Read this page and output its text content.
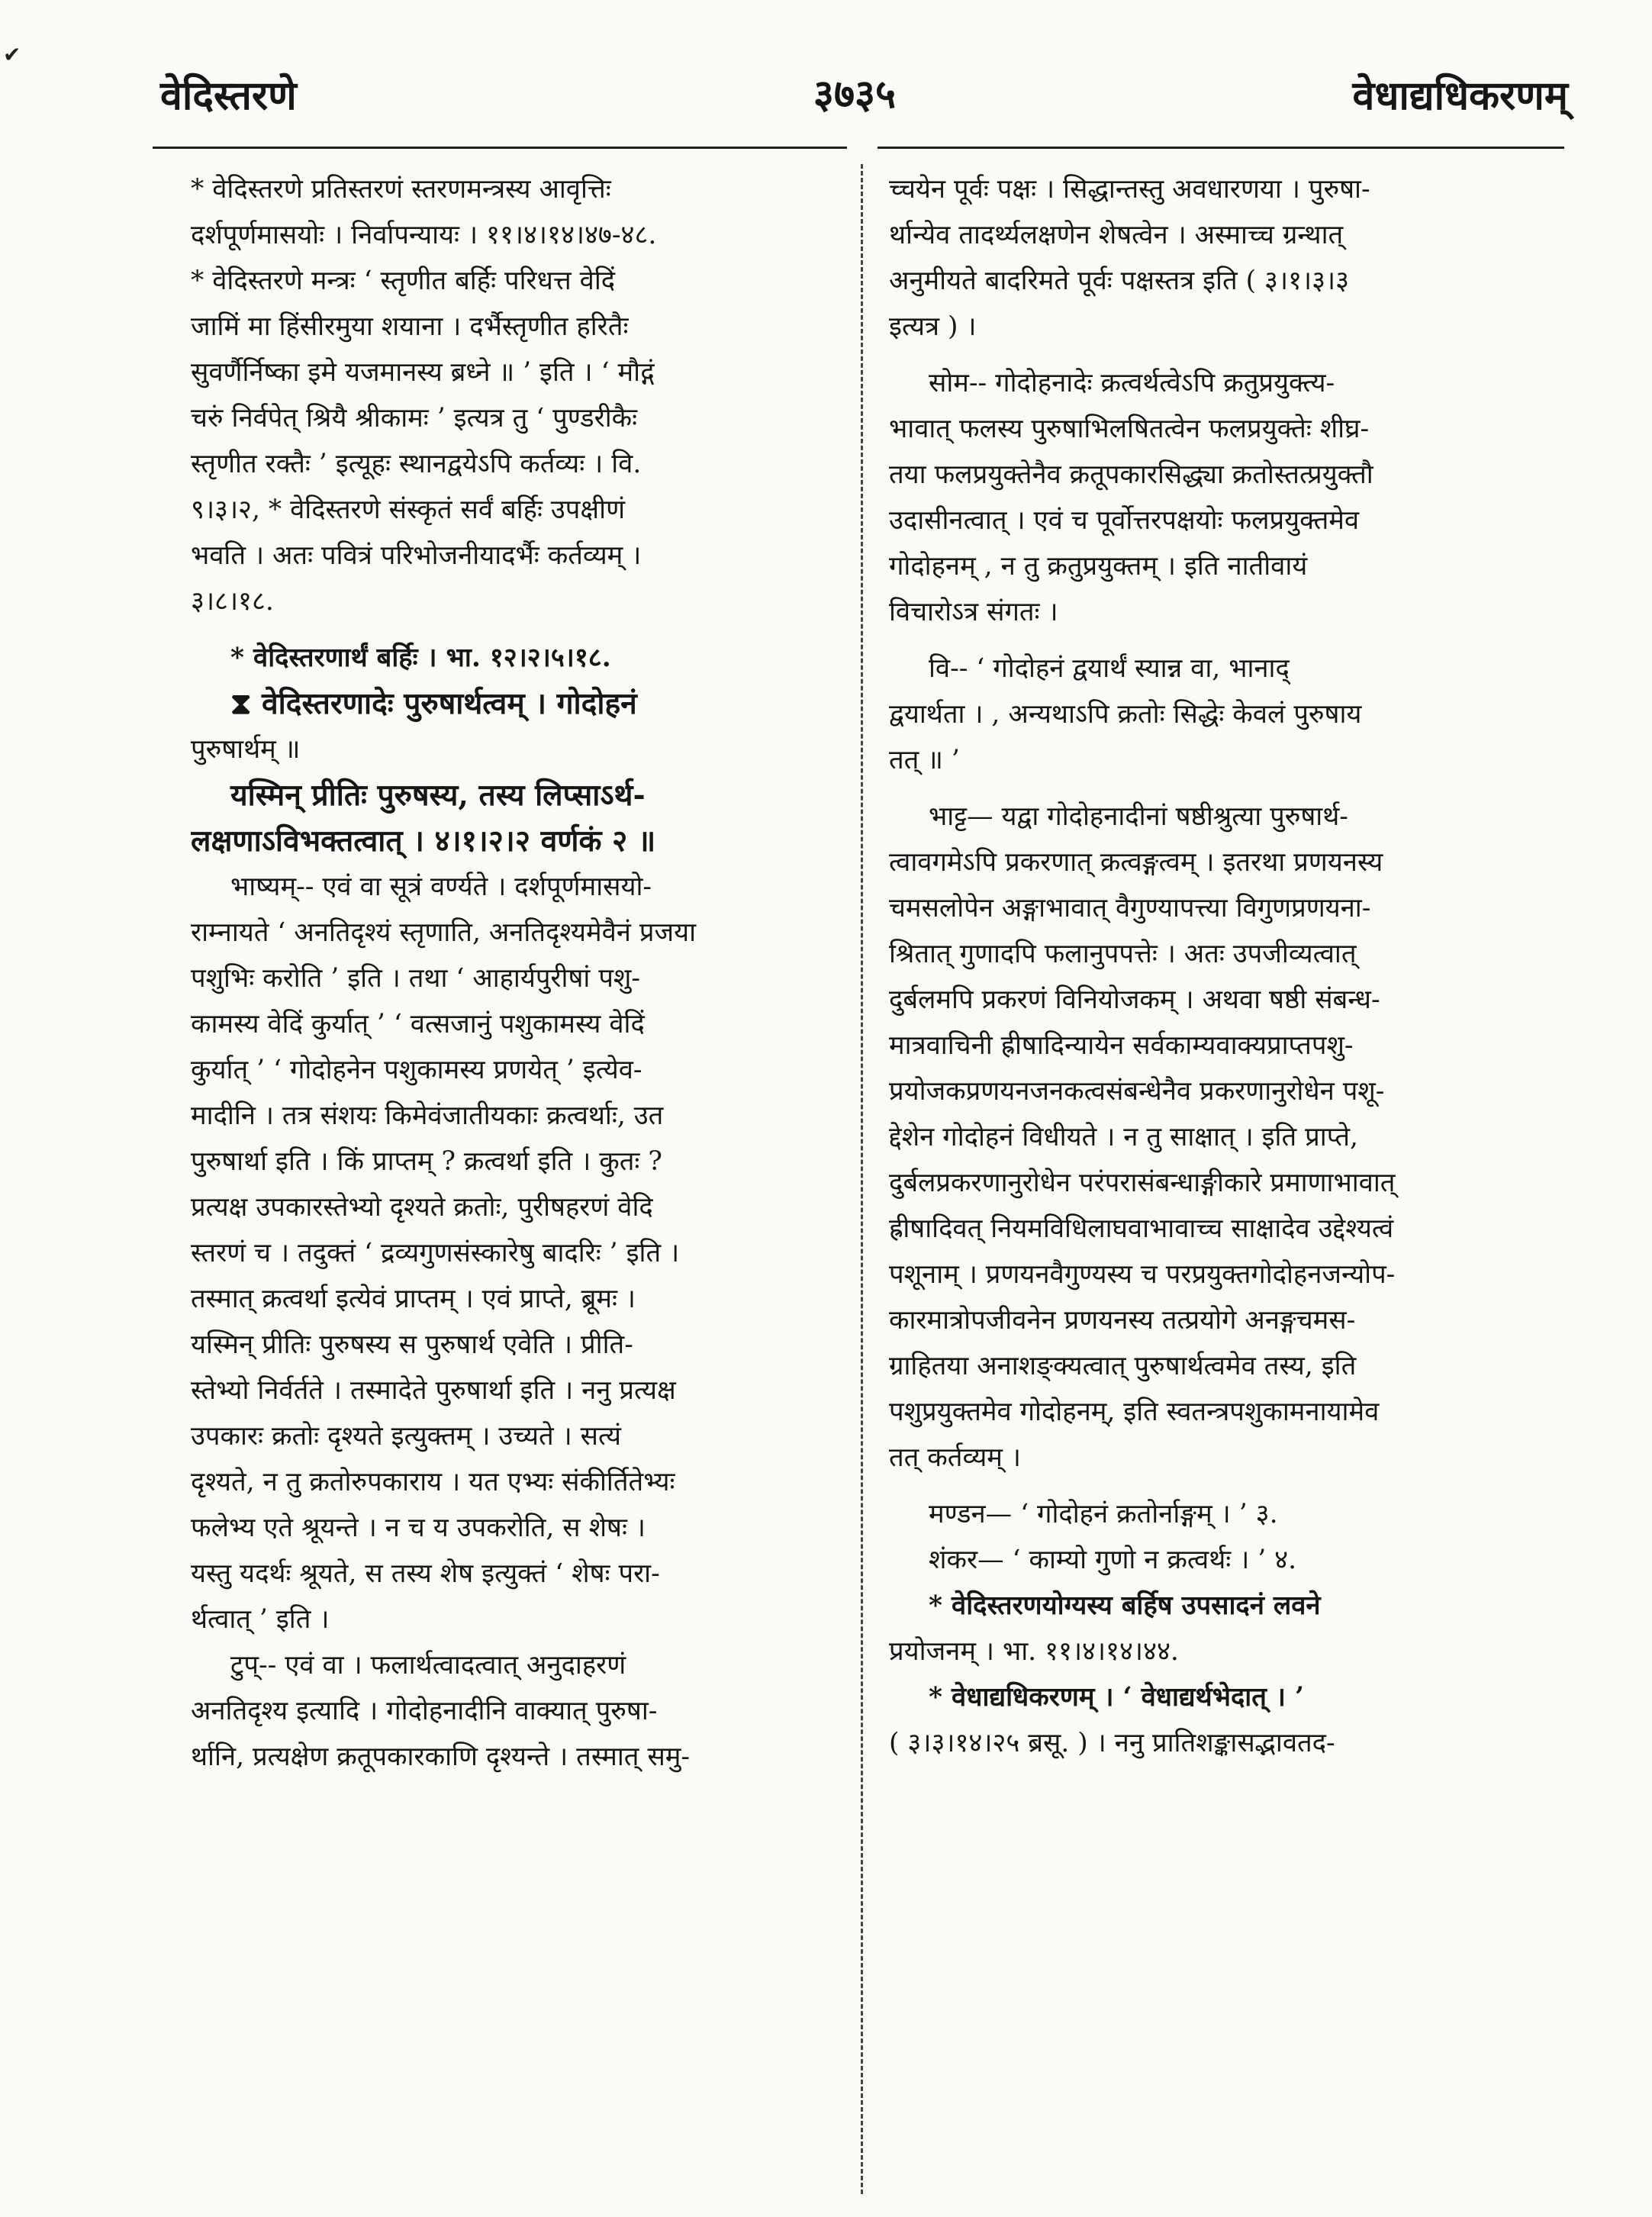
वेदिस्तरणे	३७३५	वेधाद्यधिकरणम्
✔
* वेदिस्तरणे प्रतिस्तरणं स्तरणमन्त्रस्य आवृत्तिः
दर्शपूर्णमासयोः । निर्वापन्यायः । ११।४।१४।४७-४८.
* वेदिस्तरणे मन्त्रः ‘ स्तृणीत बर्हिः परिधत्त वेदिं
जामिं मा हिंसीरमुया शयाना । दर्भैस्तृणीत हरितैः
सुवर्णैर्निष्का इमे यजमानस्य ब्रध्ने ॥ ’ इति । ‘ मौद्गं
चरुं निर्वपेत् श्रियै श्रीकामः ’ इत्यत्र तु ‘ पुण्डरीकैः
स्तृणीत रक्तैः ’ इत्यूहः स्थानद्वयेऽपि कर्तव्यः । वि.
९।३।२, * वेदिस्तरणे संस्कृतं सर्वं बर्हिः उपक्षीणं
भवति । अतः पवित्रं परिभोजनीयादर्भैः कर्तव्यम् ।
३।८।१८.
* वेदिस्तरणार्थं बर्हिः । भा. १२।२।५।१८.
⧗ वेदिस्तरणादेः पुरुषार्थत्वम् । गोदोहनं
पुरुषार्थम् ॥
यस्मिन् प्रीतिः पुरुषस्य, तस्य लिप्साऽर्थ-
लक्षणाऽविभक्तत्वात् । ४।१।२।२ वर्णकं २ ॥
भाष्यम्-- एवं वा सूत्रं वर्ण्यते । दर्शपूर्णमासयो-
राम्नायते ‘ अनतिदृश्यं स्तृणाति, अनतिदृश्यमेवैनं प्रजया
पशुभिः करोति ’ इति । तथा ‘ आहार्यपुरीषां पशु-
कामस्य वेदिं कुर्यात् ’ ‘ वत्सजानुं पशुकामस्य वेदिं
कुर्यात् ’ ‘ गोदोहनेन पशुकामस्य प्रणयेत् ’ इत्येव-
मादीनि । तत्र संशयः किमेवंजातीयकाः क्रत्वर्थाः, उत
पुरुषार्था इति । किं प्राप्तम् ? क्रत्वर्था इति । कुतः ?
प्रत्यक्ष उपकारस्तेभ्यो दृश्यते क्रतोः, पुरीषहरणं वेदि
स्तरणं च । तदुक्तं ‘ द्रव्यगुणसंस्कारेषु बादरिः ’ इति ।
तस्मात् क्रत्वर्था इत्येवं प्राप्तम् । एवं प्राप्ते, ब्रूमः ।
यस्मिन् प्रीतिः पुरुषस्य स पुरुषार्थ एवेति । प्रीति-
स्तेभ्यो निर्वर्तते । तस्मादेते पुरुषार्था इति । ननु प्रत्यक्ष
उपकारः क्रतोः दृश्यते इत्युक्तम् । उच्यते । सत्यं
दृश्यते, न तु क्रतोरुपकाराय । यत एभ्यः संकीर्तितेभ्यः
फलेभ्य एते श्रूयन्ते । न च य उपकरोति, स शेषः ।
यस्तु यदर्थः श्रूयते, स तस्य शेष इत्युक्तं ‘ शेषः परा-
र्थत्वात् ’ इति ।
टुप्-- एवं वा । फलार्थत्वादत्वात् अनुदाहरणं
अनतिदृश्य इत्यादि । गोदोहनादीनि वाक्यात् पुरुषा-
र्थानि, प्रत्यक्षेण क्रतूपकारकाणि दृश्यन्ते । तस्मात् समु-
च्चयेन पूर्वः पक्षः । सिद्धान्तस्तु अवधारणया । पुरुषा-
र्थान्येव तादर्थ्यलक्षणेन शेषत्वेन । अस्माच्च ग्रन्थात्
अनुमीयते बादरिमते पूर्वः पक्षस्तत्र इति ( ३।१।३।३
इत्यत्र ) ।
सोम-- गोदोहनादेः क्रत्वर्थत्वेऽपि क्रतुप्रयुक्त्य-
भावात् फलस्य पुरुषाभिलषितत्वेन फलप्रयुक्तेः शीघ्र-
तया फलप्रयुक्तेनैव क्रतूपकारसिद्ध्या क्रतोस्तत्प्रयुक्तौ
उदासीनत्वात् । एवं च पूर्वोत्तरपक्षयोः फलप्रयुक्तमेव
गोदोहनम् , न तु क्रतुप्रयुक्तम् । इति नातीवायं
विचारोऽत्र संगतः ।
वि-- ‘ गोदोहनं द्वयार्थं स्यान्न वा, भानाद्
द्वयार्थता । , अन्यथाऽपि क्रतोः सिद्धेः केवलं पुरुषाय
तत् ॥ ’
भाट्ट— यद्वा गोदोहनादीनां षष्ठीश्रुत्या पुरुषार्थ-
त्वावगमेऽपि प्रकरणात् क्रत्वङ्गत्वम् । इतरथा प्रणयनस्य
चमसलोपेन अङ्गाभावात् वैगुण्यापत्त्या विगुणप्रणयना-
श्रितात् गुणादपि फलानुपपत्तेः । अतः उपजीव्यत्वात्
दुर्बलमपि प्रकरणं विनियोजकम् । अथवा षष्ठी संबन्ध-
मात्रवाचिनी ह्रीषादिन्यायेन सर्वकाम्यवाक्यप्राप्तपशु-
प्रयोजकप्रणयनजनकत्वसंबन्धेनैव प्रकरणानुरोधेन पशू-
द्देशेन गोदोहनं विधीयते । न तु साक्षात् । इति प्राप्ते,
दुर्बलप्रकरणानुरोधेन परंपरासंबन्धाङ्गीकारे प्रमाणाभावात्
ह्रीषादिवत् नियमविधिलाघवाभावाच्च साक्षादेव उद्देश्यत्वं
पशूनाम् । प्रणयनवैगुण्यस्य च परप्रयुक्तगोदोहनजन्योप-
कारमात्रोपजीवनेन प्रणयनस्य तत्प्रयोगे अनङ्गचमस-
ग्राहितया अनाशङ्क्यत्वात् पुरुषार्थत्वमेव तस्य, इति
पशुप्रयुक्तमेव गोदोहनम्, इति स्वतन्त्रपशुकामनायामेव
तत् कर्तव्यम् ।
मण्डन— ‘ गोदोहनं क्रतोर्नाङ्गम् । ’ ३.
शंकर— ‘ काम्यो गुणो न क्रत्वर्थः । ’ ४.
* वेदिस्तरणयोग्यस्य बर्हिष उपसादनं लवने
प्रयोजनम् । भा. ११।४।१४।४४.
* वेधाद्यधिकरणम् । ‘ वेधाद्यर्थभेदात् । ’
( ३।३।१४।२५ ब्रसू. ) । ननु प्रातिशङ्कासद्भावतद-
